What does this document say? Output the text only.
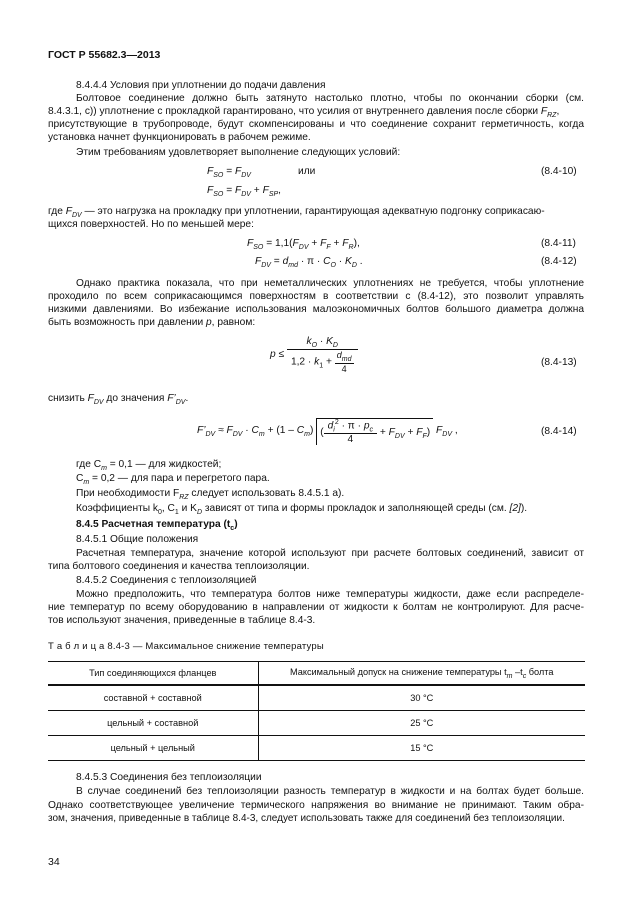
ГОСТ Р 55682.3—2013
8.4.4.4 Условия при уплотнении до подачи давления
Болтовое соединение должно быть затянуто настолько плотно, чтобы по окончании сборки (см.
8.4.3.1, c)) уплотнение с прокладкой гарантировано, что усилия от внутреннего давления после сборки $F_{RZ}$,
присутствующие в трубопроводе, будут скомпенсированы и что соединение сохранит герметичность, когда
установка начнет функционировать в рабочем режиме.
Этим требованиям удовлетворяет выполнение следующих условий:
$F_{SO} = F_{DV}$	или	(8.4-10)
$F_{SO} = F_{DV} + F_{SP}$,
где $F_{DV}$ — это нагрузка на прокладку при уплотнении, гарантирующая адекватную подгонку соприкасаю-
щихся поверхностей. Но по меньшей мере:
$F_{SO} = 1,1(F_{DV} + F_F + F_R)$,	(8.4-11)
$F_{DV} = d_{md} \cdot \pi \cdot C_O \cdot K_D$ .	(8.4-12)
Однако практика показала, что при неметаллических уплотнениях не требуется, чтобы уплотнение
проходило по всем соприкасающимся поверхностям в соответствии с (8.4-12), это позволит управлять
низкими давлениями. Во избежание использования малоэкономичных болтов большого диаметра должна
быть возможность при давлении p, равном:
$p \le \frac{k_O \cdot K_D}{1,2 \cdot k_1 + \frac{d_{md}}{4}}$	(8.4-13)
снизить $F_{DV}$ до значения $F’_{DV}$.
$F’_{DV} \approx F_{DV} \cdot C_m + (1 - C_m)$ ( $\frac{d_i^2 \cdot \pi \cdot p_c}{4} + F_{DV} + F_F$) $F_{DV}$ ,	(8.4-14)
где $C_m = 0,1$ — для жидкостей;
$C_m = 0,2$ — для пара и перегретого пара.
При необходимости $F_{RZ}$ следует использовать 8.4.5.1 а).
Коэффициенты $k_0$, $C_1$ и $K_D$ зависят от типа и формы прокладок и заполняющей среды (см. [2]).
8.4.5 Расчетная температура $(t_c)$
8.4.5.1 Общие положения
Расчетная температура, значение которой используют при расчете болтовых соединений, зависит от
типа болтового соединения и качества теплоизоляции.
8.4.5.2 Соединения с теплоизоляцией
Можно предположить, что температура болтов ниже температуры жидкости, даже если распределе-
ние температур по всему оборудованию в направлении от жидкости к болтам не контролируют. Для расче-
тов используют значения, приведенные в таблице 8.4-3.
Т а б л и ц а 8.4-3 — Максимальное снижение температуры
Тип соединяющихся фланцев	Максимальный допуск на снижение температуры $t_m$ $-t_c$ болта
составной + составной	30 °C
цельный + составной	25 °C
цельный + цельный	15 °C
8.4.5.3 Соединения без теплоизоляции
В случае соединений без теплоизоляции разность температур в жидкости и на болтах будет больше.
Однако соответствующее увеличение термического напряжения во внимание не принимают. Таким обра-
зом, значения, приведенные в таблице 8.4-3, следует использовать также для соединений без теплоизоляции.
34
